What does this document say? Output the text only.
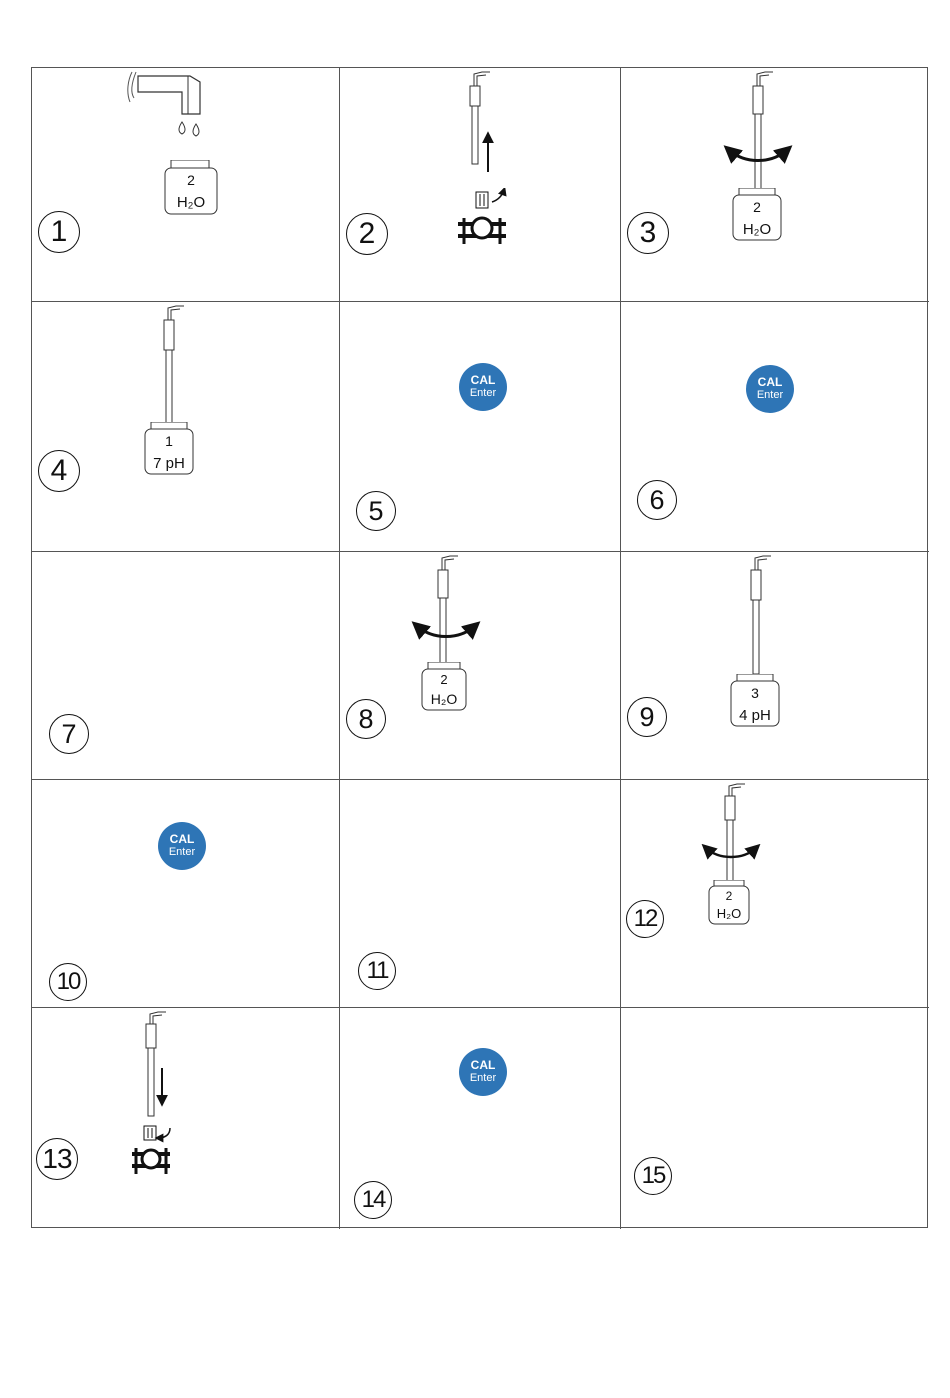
2
H₂O
1	2
2
H₂O
3
1
7 pH
4
CAL
Enter
5
CAL
Enter
6
7
2
H₂O
8
3
4 pH
9
CAL
Enter
10	11
2
H₂O
12
13
CAL
Enter
14
15
